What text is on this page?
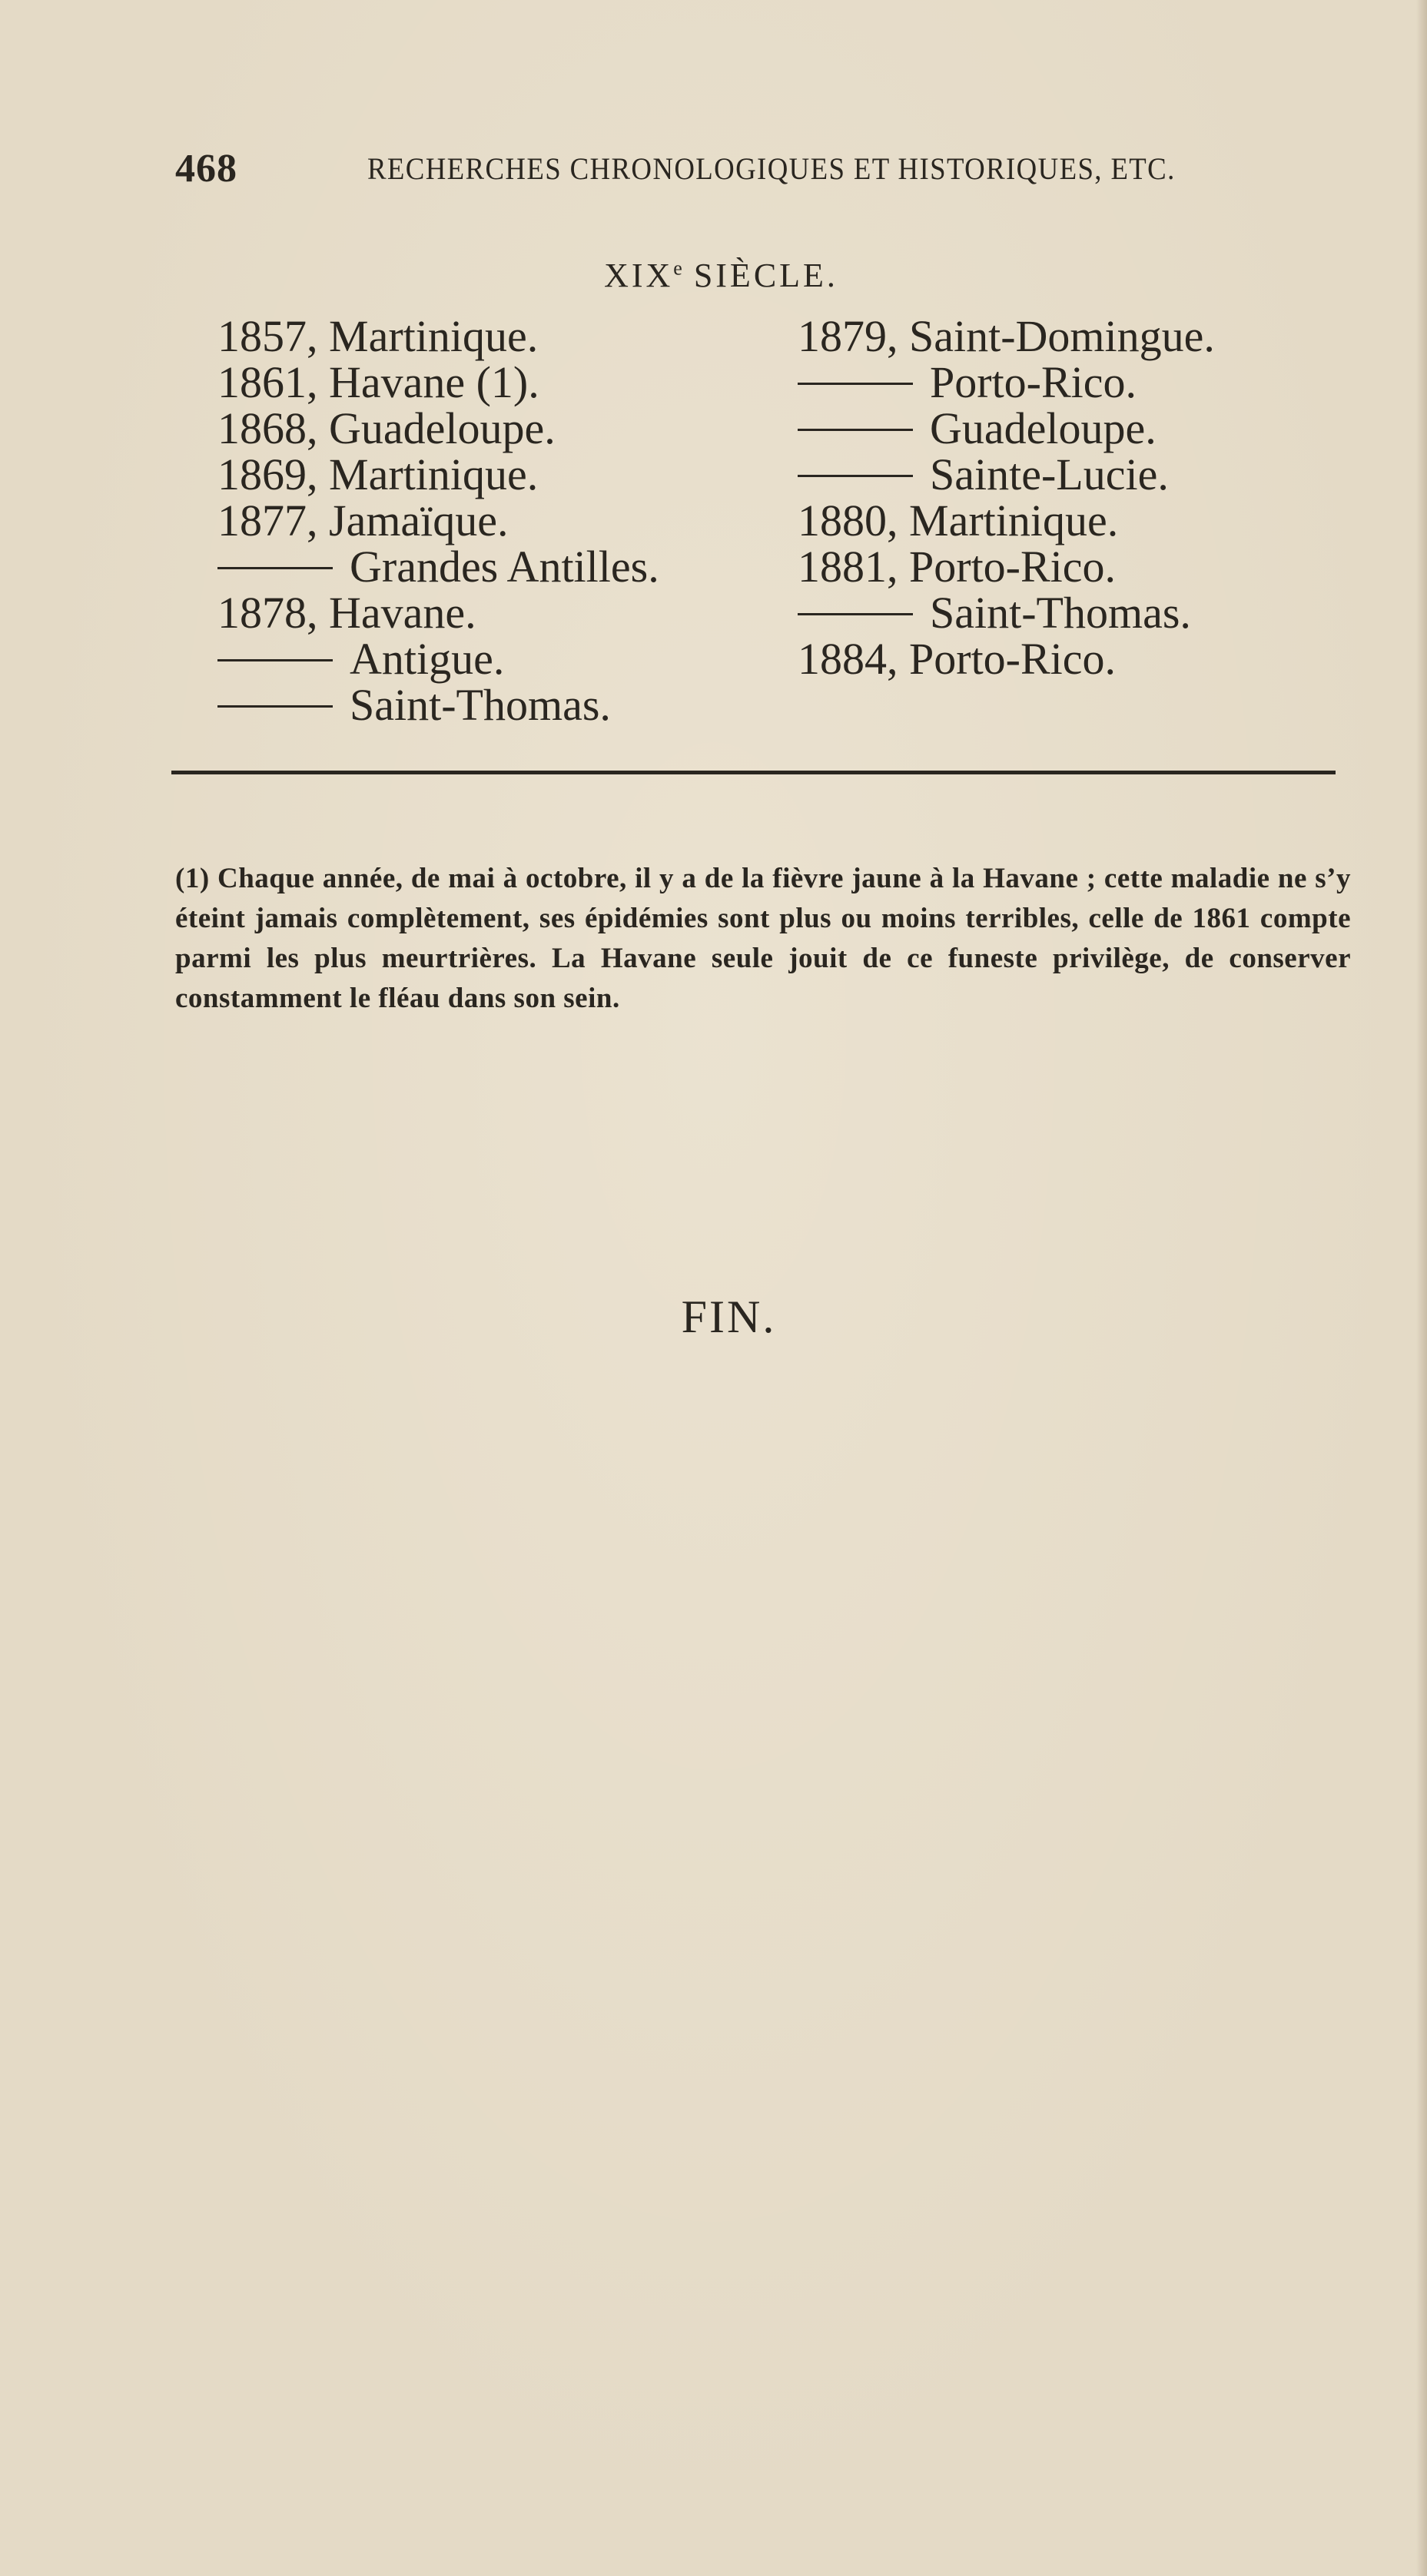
468	RECHERCHES CHRONOLOGIQUES ET HISTORIQUES, ETC.
XIXe SIÈCLE.
1857, Martinique.
1861, Havane (1).
1868, Guadeloupe.
1869, Martinique.
1877, Jamaïque.
Grandes Antilles.
1878, Havane.
Antigue.
Saint-Thomas.
1879, Saint-Domingue.
Porto-Rico.
Guadeloupe.
Sainte-Lucie.
1880, Martinique.
1881, Porto-Rico.
Saint-Thomas.
1884, Porto-Rico.
(1) Chaque année, de mai à octobre, il y a de la fièvre jaune à la Havane ; cette maladie ne s’y éteint jamais complètement, ses épidémies sont plus ou moins terribles, celle de 1861 compte parmi les plus meurtrières. La Havane seule jouit de ce funeste privilège, de conserver constamment le fléau dans son sein.
FIN.
